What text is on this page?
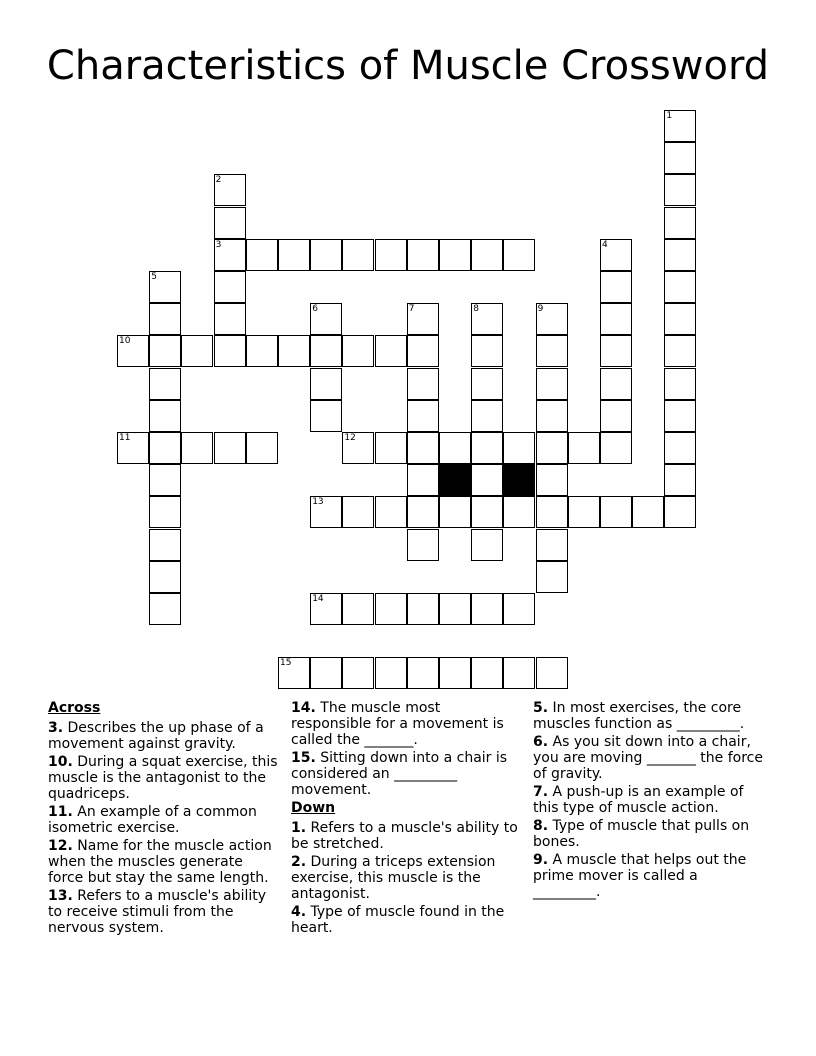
Characteristics of Muscle Crossword
1
2
3	4
5
6	7	8	9
10
11	12
13
14
15
Across
3. Describes the up phase of a movement against gravity.
10. During a squat exercise, this muscle is the antagonist to the quadriceps.
11. An example of a common isometric exercise.
12. Name for the muscle action when the muscles generate force but stay the same length.
13. Refers to a muscle's ability to receive stimuli from the nervous system.
14. The muscle most responsible for a movement is called the _______.
15. Sitting down into a chair is considered an _________ movement.
Down
1. Refers to a muscle's ability to be stretched.
2. During a triceps extension exercise, this muscle is the antagonist.
4. Type of muscle found in the heart.
5. In most exercises, the core muscles function as _________.
6. As you sit down into a chair, you are moving _______ the force of gravity.
7. A push-up is an example of this type of muscle action.
8. Type of muscle that pulls on bones.
9. A muscle that helps out the prime mover is called a _________.
